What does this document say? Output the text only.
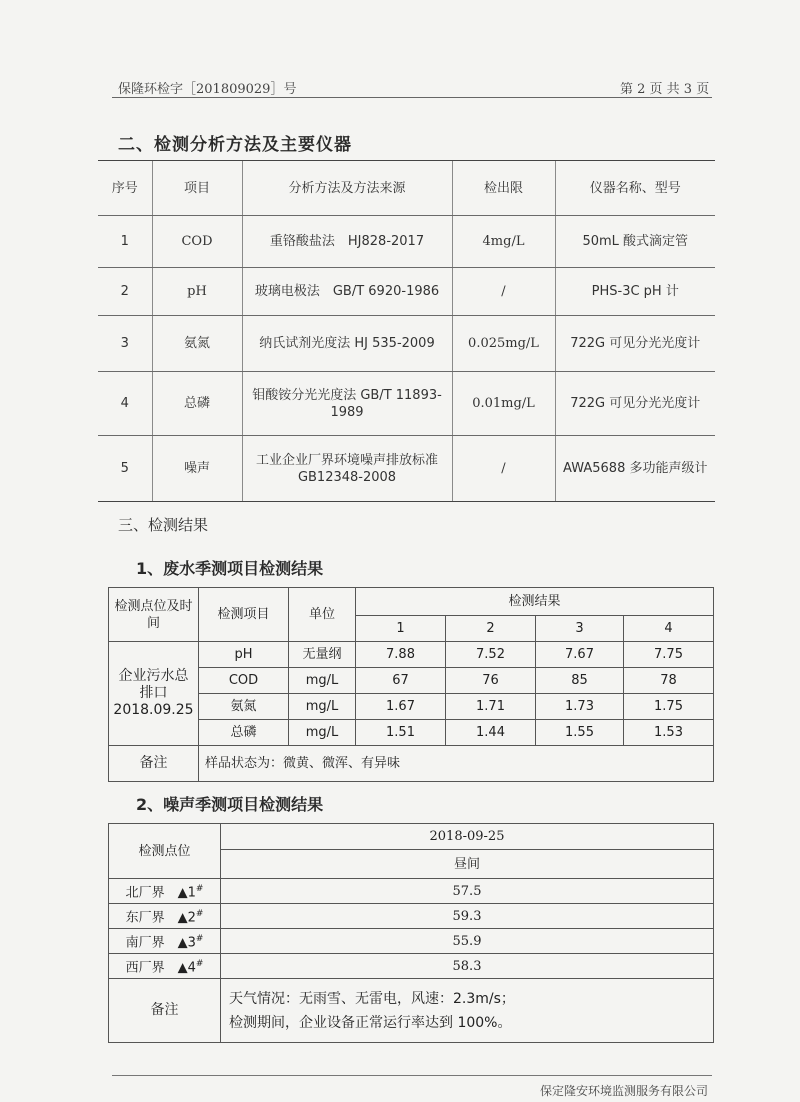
保隆环检字［201809029］号	第 2 页 共 3 页
二、检测分析方法及主要仪器
序号	项目	分析方法及方法来源	检出限	仪器名称、型号
1	COD	重铬酸盐法　HJ828-2017	4mg/L	50mL 酸式滴定管
2	pH	玻璃电极法　GB/T 6920-1986	/	PHS-3C pH 计
3	氨氮	纳氏试剂光度法 HJ 535-2009	0.025mg/L	722G 可见分光光度计
4	总磷	钼酸铵分光光度法 GB/T 11893-1989	0.01mg/L	722G 可见分光光度计
5	噪声	工业企业厂界环境噪声排放标准 GB12348-2008	/	AWA5688 多功能声级计
三、检测结果
1、废水季测项目检测结果
检测点位及时间	检测项目	单位	检测结果			
			1	2	3	4
企业污水总排口
2018.09.25	pH	无量纲	7.88	7.52	7.67	7.75
	COD	mg/L	67	76	85	78
	氨氮	mg/L	1.67	1.71	1.73	1.75
	总磷	mg/L	1.51	1.44	1.55	1.53
备注	样品状态为：微黄、微浑、有异味					
2、噪声季测项目检测结果
检测点位	2018-09-25
	昼间
北厂界　▲1#	57.5
东厂界　▲2#	59.3
南厂界　▲3#	55.9
西厂界　▲4#	58.3
备注	天气情况：无雨雪、无雷电，风速：2.3m/s；
检测期间，企业设备正常运行率达到 100%。
保定隆安环境监测服务有限公司
